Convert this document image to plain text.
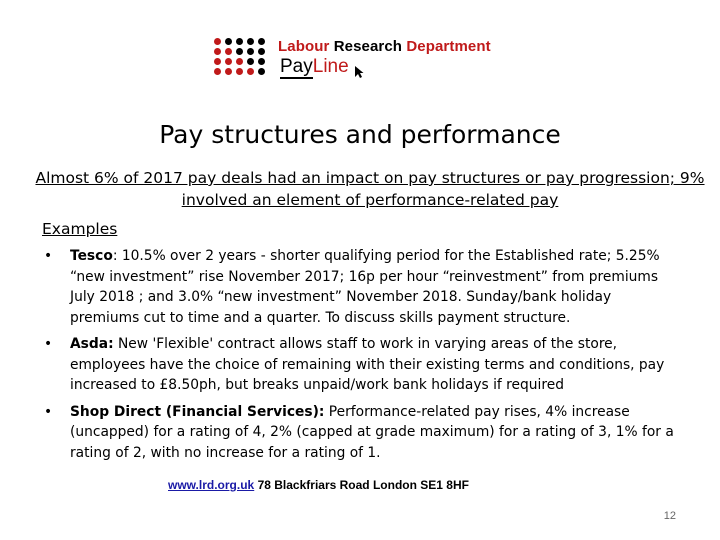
Labour Research Department
PayLine
Pay structures and performance
Almost 6% of 2017 pay deals had an impact on pay structures or pay progression; 9% involved an element of performance-related pay
Examples
• Tesco: 10.5% over 2 years - shorter qualifying period for the Established rate; 5.25% “new investment” rise November 2017; 16p per hour “reinvestment” from premiums July 2018 ; and 3.0% “new investment” November 2018. Sunday/bank holiday premiums cut to time and a quarter. To discuss skills payment structure.
• Asda: New 'Flexible' contract allows staff to work in varying areas of the store, employees have the choice of remaining with their existing terms and conditions, pay increased to £8.50ph, but breaks unpaid/work bank holidays if required
• Shop Direct (Financial Services): Performance-related pay rises, 4% increase (uncapped) for a rating of 4, 2% (capped at grade maximum) for a rating of 3, 1% for a rating of 2, with no increase for a rating of 1.
www.lrd.org.uk 78 Blackfriars Road London SE1 8HF
12
